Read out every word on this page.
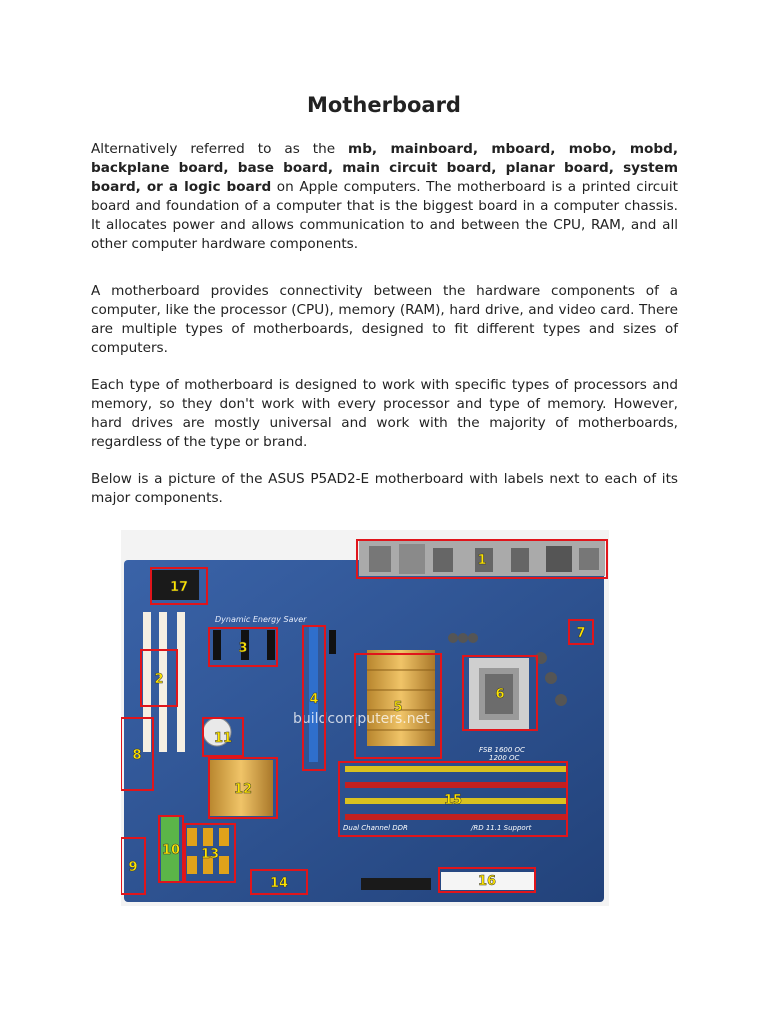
Motherboard

Alternatively referred to as the mb, mainboard, mboard, mobo, mobd, backplane board, base board, main circuit board, planar board, system board, or a logic board on Apple computers. The motherboard is a printed circuit board and foundation of a computer that is the biggest board in a computer chassis. It allocates power and allows communication to and between the CPU, RAM, and all other computer hardware components.

A motherboard provides connectivity between the hardware components of a computer, like the processor (CPU), memory (RAM), hard drive, and video card. There are multiple types of motherboards, designed to fit different types and sizes of computers.

Each type of motherboard is designed to work with specific types of processors and memory, so they don't work with every processor and type of memory. However, hard drives are mostly universal and work with the majority of motherboards, regardless of the type or brand.

Below is a picture of the ASUS P5AD2-E motherboard with labels next to each of its major components.

Dynamic Energy Saver
buildcomputers.net
FSB 1600 OC
1200 OC
Dual Channel DDR	/RD 11.1 Support
1
2
3
4
5
6
7
8
9
10
11
12
13
14
15
16
17
